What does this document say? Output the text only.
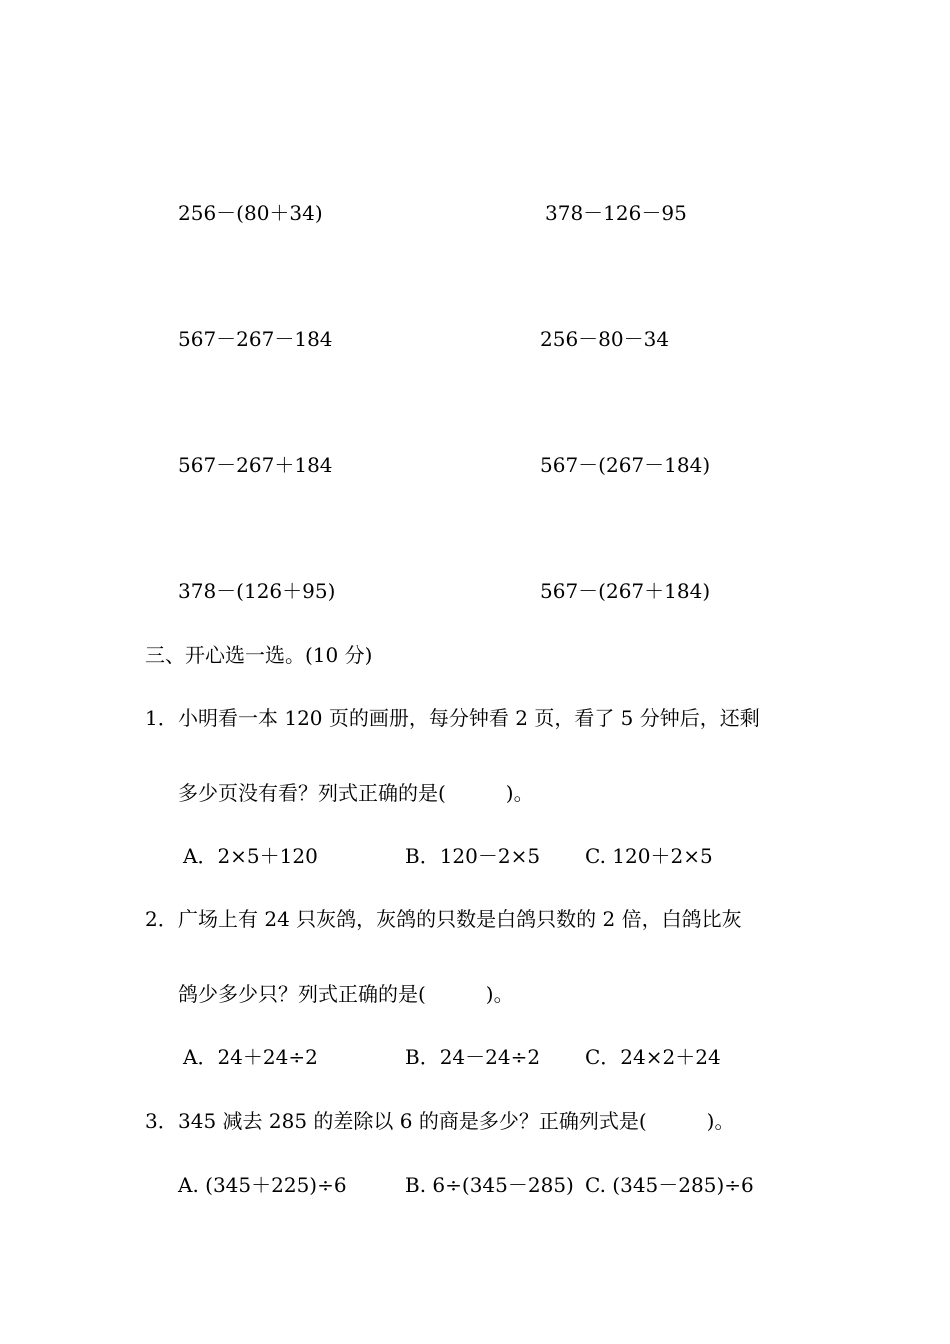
256－(80＋34)	378－126－95
567－267－184	256－80－34
567－267＋184	567－(267－184)
378－(126＋95)	567－(267＋184)
三、开心选一选。(10 分)
1． 小明看一本 120 页的画册，每分钟看 2 页，看了 5 分钟后，还剩
多少页没有看？列式正确的是(　　　)。
A．2×5＋120	B．120－2×5 C. 120＋2×5
2． 广场上有 24 只灰鸽，灰鸽的只数是白鸽只数的 2 倍，白鸽比灰
鸽少多少只？列式正确的是(　　　)。
A．24＋24÷2	B．24－24÷2 C．24×2＋24
3． 345 减去 285 的差除以 6 的商是多少？正确列式是(　　　)。
A. (345＋225)÷6	B. 6÷(345－285) C. (345－285)÷6
